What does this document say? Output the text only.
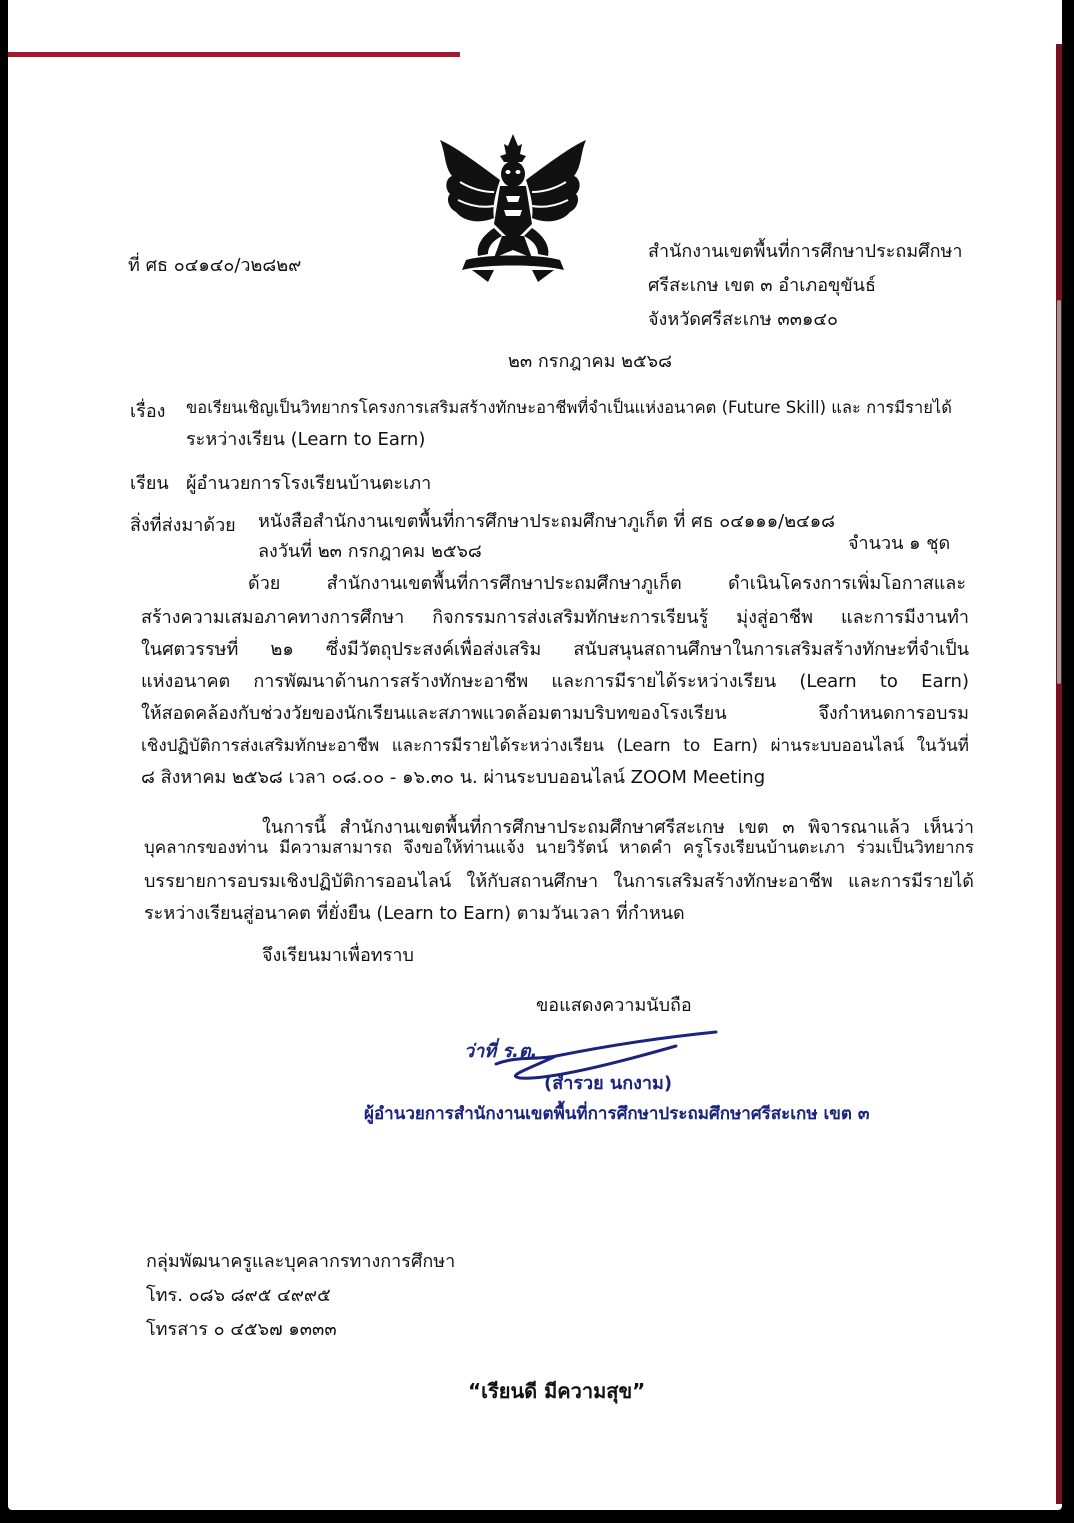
ที่ ศธ ๐๔๑๔๐/ว๒๘๒๙
สำนักงานเขตพื้นที่การศึกษาประถมศึกษา
ศรีสะเกษ เขต ๓ อำเภอขุขันธ์
จังหวัดศรีสะเกษ ๓๓๑๔๐
๒๓ กรกฎาคม ๒๕๖๘
เรื่อง ขอเรียนเชิญเป็นวิทยากรโครงการเสริมสร้างทักษะอาชีพที่จำเป็นแห่งอนาคต (Future Skill) และ การมีรายได้
ระหว่างเรียน (Learn to Earn)
เรียน ผู้อำนวยการโรงเรียนบ้านตะเภา
สิ่งที่ส่งมาด้วย หนังสือสำนักงานเขตพื้นที่การศึกษาประถมศึกษาภูเก็ต ที่ ศธ ๐๔๑๑๑/๒๔๑๘
ลงวันที่ ๒๓ กรกฎาคม ๒๕๖๘	จำนวน ๑ ชุด
ด้วย สำนักงานเขตพื้นที่การศึกษาประถมศึกษาภูเก็ต ดำเนินโครงการเพิ่มโอกาสและ
สร้างความเสมอภาคทางการศึกษา กิจกรรมการส่งเสริมทักษะการเรียนรู้ มุ่งสู่อาชีพ และการมีงานทำ
ในศตวรรษที่ ๒๑ ซึ่งมีวัตถุประสงค์เพื่อส่งเสริม สนับสนุนสถานศึกษาในการเสริมสร้างทักษะที่จำเป็น
แห่งอนาคต การพัฒนาด้านการสร้างทักษะอาชีพ และการมีรายได้ระหว่างเรียน (Learn to Earn)
ให้สอดคล้องกับช่วงวัยของนักเรียนและสภาพแวดล้อมตามบริบทของโรงเรียน จึงกำหนดการอบรม
เชิงปฏิบัติการส่งเสริมทักษะอาชีพ และการมีรายได้ระหว่างเรียน (Learn to Earn) ผ่านระบบออนไลน์ ในวันที่
๘ สิงหาคม ๒๕๖๘ เวลา ๐๘.๐๐ - ๑๖.๓๐ น. ผ่านระบบออนไลน์ ZOOM Meeting
ในการนี้ สำนักงานเขตพื้นที่การศึกษาประถมศึกษาศรีสะเกษ เขต ๓ พิจารณาแล้ว เห็นว่า
บุคลากรของท่าน มีความสามารถ จึงขอให้ท่านแจ้ง นายวิรัตน์ หาดคำ ครูโรงเรียนบ้านตะเภา ร่วมเป็นวิทยากร
บรรยายการอบรมเชิงปฏิบัติการออนไลน์ ให้กับสถานศึกษา ในการเสริมสร้างทักษะอาชีพ และการมีรายได้
ระหว่างเรียนสู่อนาคต ที่ยั่งยืน (Learn to Earn) ตามวันเวลา ที่กำหนด
จึงเรียนมาเพื่อทราบ
ขอแสดงความนับถือ
ว่าที่ ร.ต.
(สำรวย นกงาม)
ผู้อำนวยการสำนักงานเขตพื้นที่การศึกษาประถมศึกษาศรีสะเกษ เขต ๓
กลุ่มพัฒนาครูและบุคลากรทางการศึกษา
โทร. ๐๘๖ ๘๙๕ ๔๙๙๕
โทรสาร ๐ ๔๕๖๗ ๑๓๓๓
“เรียนดี มีความสุข”
